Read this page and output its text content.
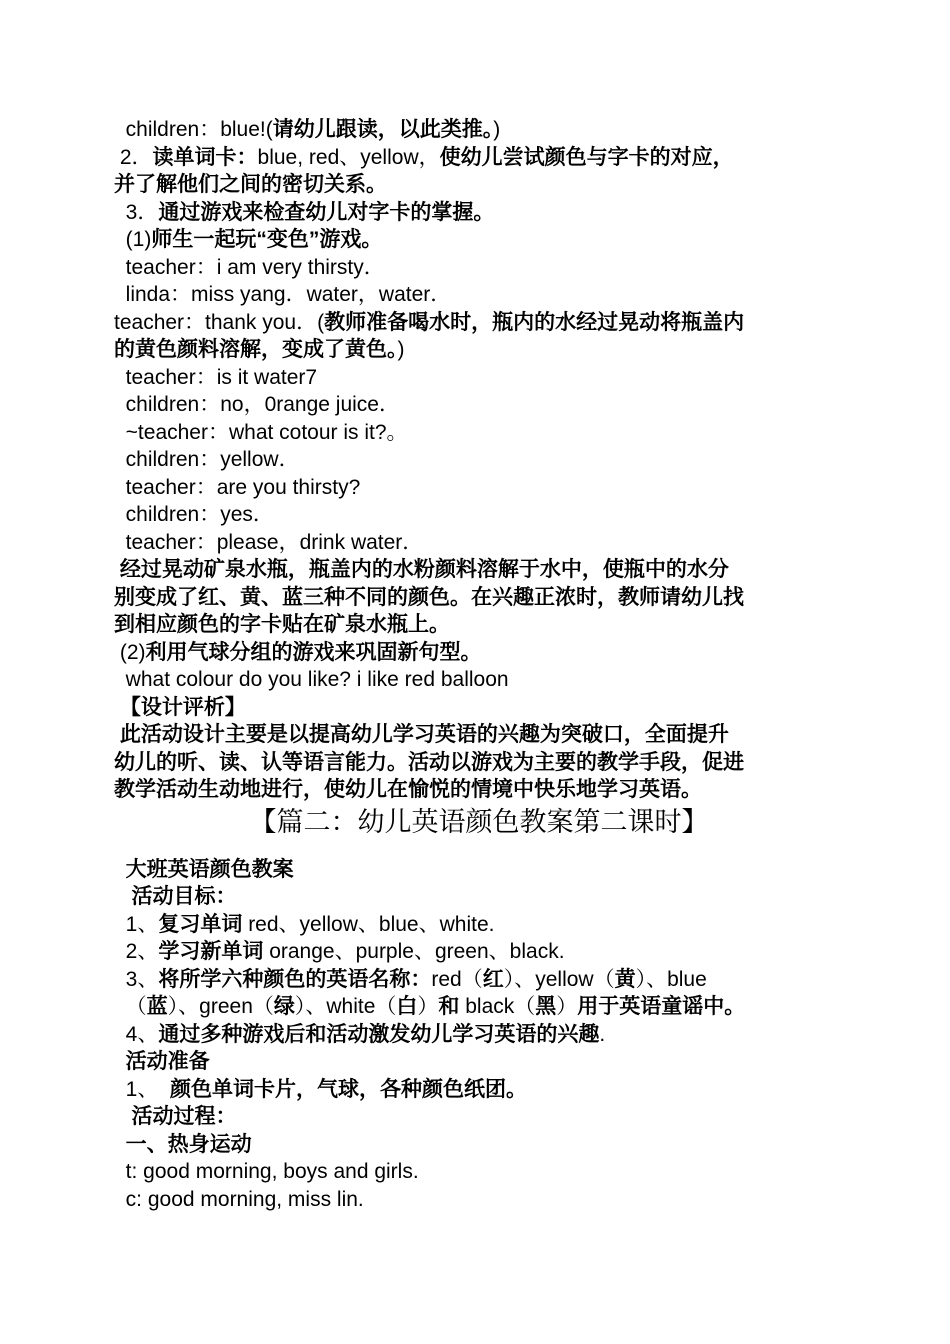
children：blue!(请幼儿跟读，以此类推。)
2．读单词卡：blue, red、yellow，使幼儿尝试颜色与字卡的对应，
并了解他们之间的密切关系。
3．通过游戏来检查幼儿对字卡的掌握。
(1)师生一起玩“变色”游戏。
teacher：i am very thirsty．
linda：miss yang．water，water．
teacher：thank you．(教师准备喝水时，瓶内的水经过晃动将瓶盖内
的黄色颜料溶解，变成了黄色。)
teacher：is it water7
children：no，0range juice．
~teacher：what cotour is it?。
children：yellow．
teacher：are you thirsty?
children：yes．
teacher：please，drink water．
经过晃动矿泉水瓶，瓶盖内的水粉颜料溶解于水中，使瓶中的水分
别变成了红、黄、蓝三种不同的颜色。在兴趣正浓时，教师请幼儿找
到相应颜色的字卡贴在矿泉水瓶上。
(2)利用气球分组的游戏来巩固新句型。
what colour do you like? i like red balloon
【设计评析】
此活动设计主要是以提高幼儿学习英语的兴趣为突破口，全面提升
幼儿的听、读、认等语言能力。活动以游戏为主要的教学手段，促进
教学活动生动地进行，使幼儿在愉悦的情境中快乐地学习英语。
【篇二：幼儿英语颜色教案第二课时】
大班英语颜色教案
活动目标：
1、复习单词 red、yellow、blue、white.
2、学习新单词 orange、purple、green、black.
3、将所学六种颜色的英语名称：red（红）、yellow（黄）、blue
（蓝）、green（绿）、white（白）和 black（黑）用于英语童谣中。
4、通过多种游戏后和活动激发幼儿学习英语的兴趣.
活动准备
1、  颜色单词卡片，气球，各种颜色纸团。
活动过程：
一、热身运动
t: good morning, boys and girls.
c: good morning, miss lin.
